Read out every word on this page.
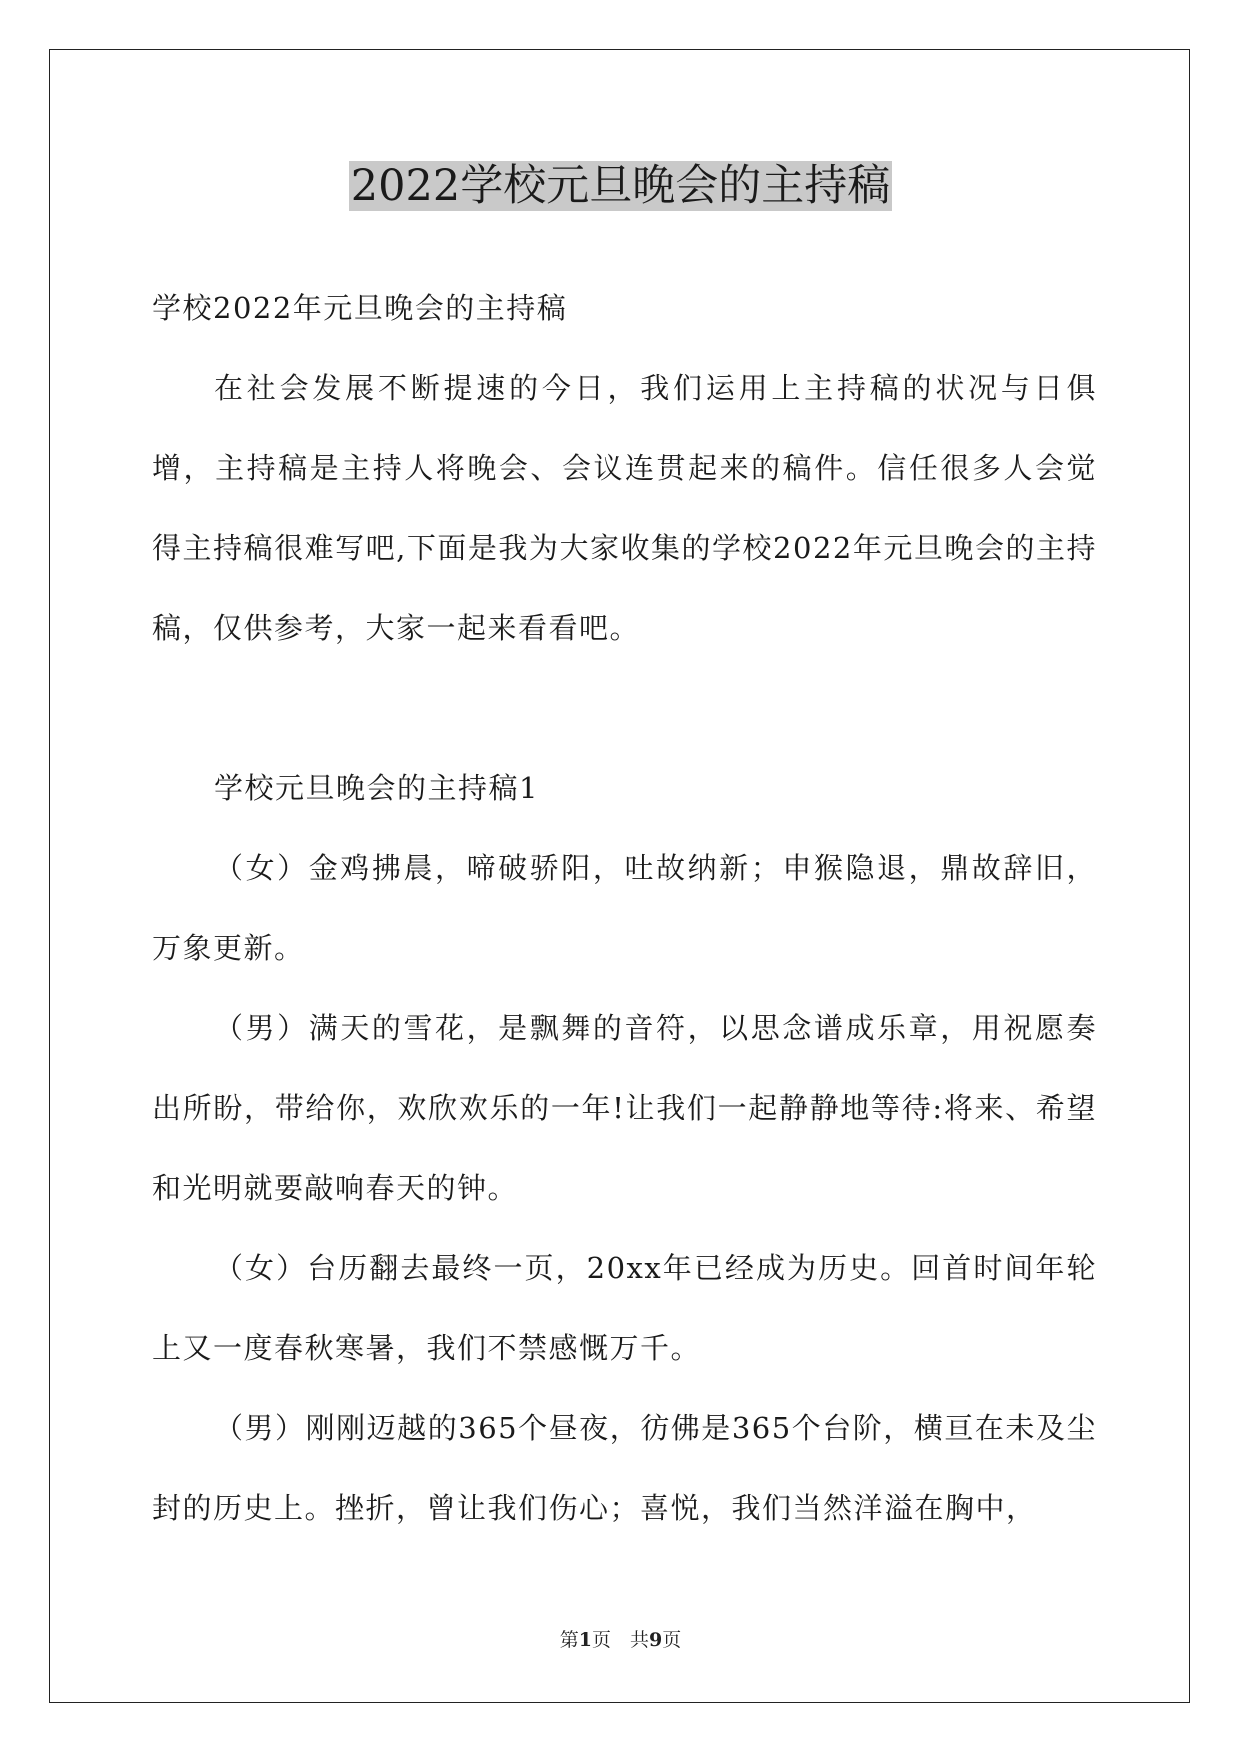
2022学校元旦晚会的主持稿

学校2022年元旦晚会的主持稿

在社会发展不断提速的今日，我们运用上主持稿的状况与日俱增，主持稿是主持人将晚会、会议连贯起来的稿件。信任很多人会觉得主持稿很难写吧,下面是我为大家收集的学校2022年元旦晚会的主持稿，仅供参考，大家一起来看看吧。

学校元旦晚会的主持稿1

（女）金鸡拂晨，啼破骄阳，吐故纳新；申猴隐退，鼎故辞旧，万象更新。

（男）满天的雪花，是飘舞的音符，以思念谱成乐章，用祝愿奏出所盼，带给你，欢欣欢乐的一年!让我们一起静静地等待:将来、希望和光明就要敲响春天的钟。

（女）台历翻去最终一页，20xx年已经成为历史。回首时间年轮上又一度春秋寒暑，我们不禁感慨万千。

（男）刚刚迈越的365个昼夜，彷佛是365个台阶，横亘在未及尘封的历史上。挫折，曾让我们伤心；喜悦，我们当然洋溢在胸中，

第1页　共9页
